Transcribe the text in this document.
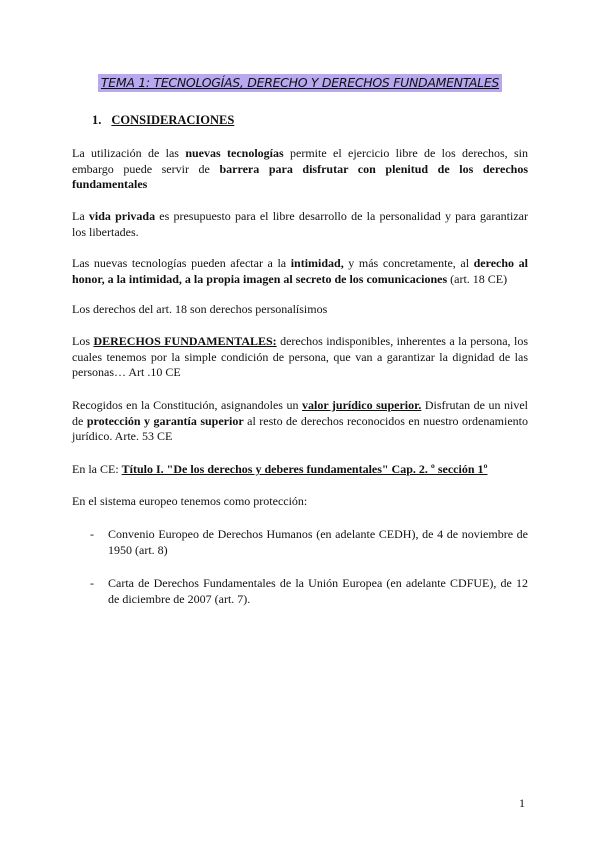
TEMA 1: TECNOLOGÍAS, DERECHO Y DERECHOS FUNDAMENTALES
1. CONSIDERACIONES
La utilización de las nuevas tecnologías permite el ejercicio libre de los derechos, sin embargo puede servir de barrera para disfrutar con plenitud de los derechos fundamentales
La vida privada es presupuesto para el libre desarrollo de la personalidad y para garantizar los libertades.
Las nuevas tecnologías pueden afectar a la intimidad, y más concretamente, al derecho al honor, a la intimidad, a la propia imagen al secreto de los comunicaciones (art. 18 CE)
Los derechos del art. 18 son derechos personalísimos
Los DERECHOS FUNDAMENTALES: derechos indisponibles, inherentes a la persona, los cuales tenemos por la simple condición de persona, que van a garantizar la dignidad de las personas… Art .10 CE
Recogidos en la Constitución, asignandoles un valor jurídico superior. Disfrutan de un nivel de protección y garantía superior al resto de derechos reconocidos en nuestro ordenamiento jurídico. Arte. 53 CE
En la CE: Título I. "De los derechos y deberes fundamentales" Cap. 2. º sección 1º
En el sistema europeo tenemos como protección:
- Convenio Europeo de Derechos Humanos (en adelante CEDH), de 4 de noviembre de 1950 (art. 8)
- Carta de Derechos Fundamentales de la Unión Europea (en adelante CDFUE), de 12 de diciembre de 2007 (art. 7).
1
